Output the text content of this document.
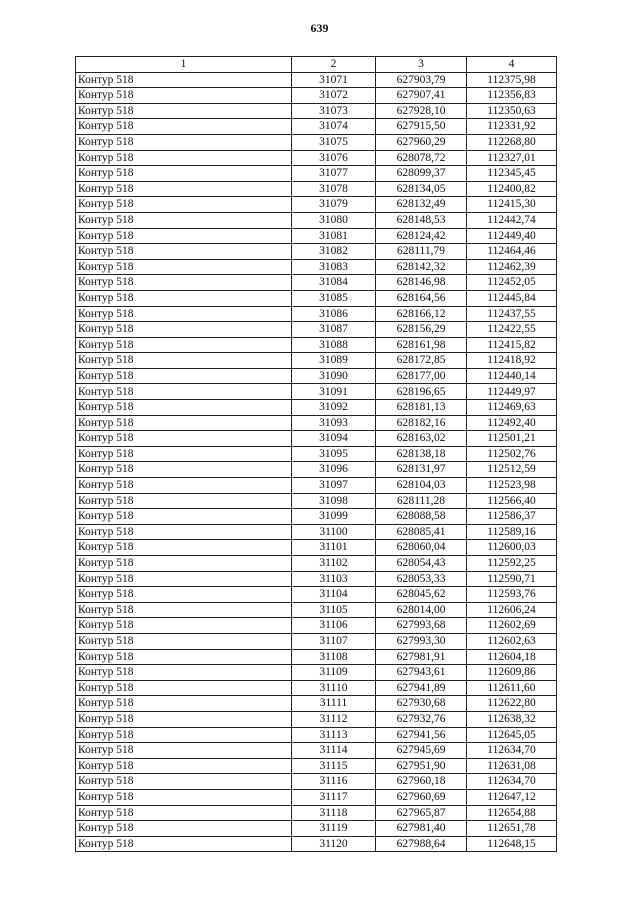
639
1	2	3	4
Контур 518	31071	627903,79	112375,98
Контур 518	31072	627907,41	112356,83
Контур 518	31073	627928,10	112350,63
Контур 518	31074	627915,50	112331,92
Контур 518	31075	627960,29	112268,80
Контур 518	31076	628078,72	112327,01
Контур 518	31077	628099,37	112345,45
Контур 518	31078	628134,05	112400,82
Контур 518	31079	628132,49	112415,30
Контур 518	31080	628148,53	112442,74
Контур 518	31081	628124,42	112449,40
Контур 518	31082	628111,79	112464,46
Контур 518	31083	628142,32	112462,39
Контур 518	31084	628146,98	112452,05
Контур 518	31085	628164,56	112445,84
Контур 518	31086	628166,12	112437,55
Контур 518	31087	628156,29	112422,55
Контур 518	31088	628161,98	112415,82
Контур 518	31089	628172,85	112418,92
Контур 518	31090	628177,00	112440,14
Контур 518	31091	628196,65	112449,97
Контур 518	31092	628181,13	112469,63
Контур 518	31093	628182,16	112492,40
Контур 518	31094	628163,02	112501,21
Контур 518	31095	628138,18	112502,76
Контур 518	31096	628131,97	112512,59
Контур 518	31097	628104,03	112523,98
Контур 518	31098	628111,28	112566,40
Контур 518	31099	628088,58	112586,37
Контур 518	31100	628085,41	112589,16
Контур 518	31101	628060,04	112600,03
Контур 518	31102	628054,43	112592,25
Контур 518	31103	628053,33	112590,71
Контур 518	31104	628045,62	112593,76
Контур 518	31105	628014,00	112606,24
Контур 518	31106	627993,68	112602,69
Контур 518	31107	627993,30	112602,63
Контур 518	31108	627981,91	112604,18
Контур 518	31109	627943,61	112609,86
Контур 518	31110	627941,89	112611,60
Контур 518	31111	627930,68	112622,80
Контур 518	31112	627932,76	112638,32
Контур 518	31113	627941,56	112645,05
Контур 518	31114	627945,69	112634,70
Контур 518	31115	627951,90	112631,08
Контур 518	31116	627960,18	112634,70
Контур 518	31117	627960,69	112647,12
Контур 518	31118	627965,87	112654,88
Контур 518	31119	627981,40	112651,78
Контур 518	31120	627988,64	112648,15
